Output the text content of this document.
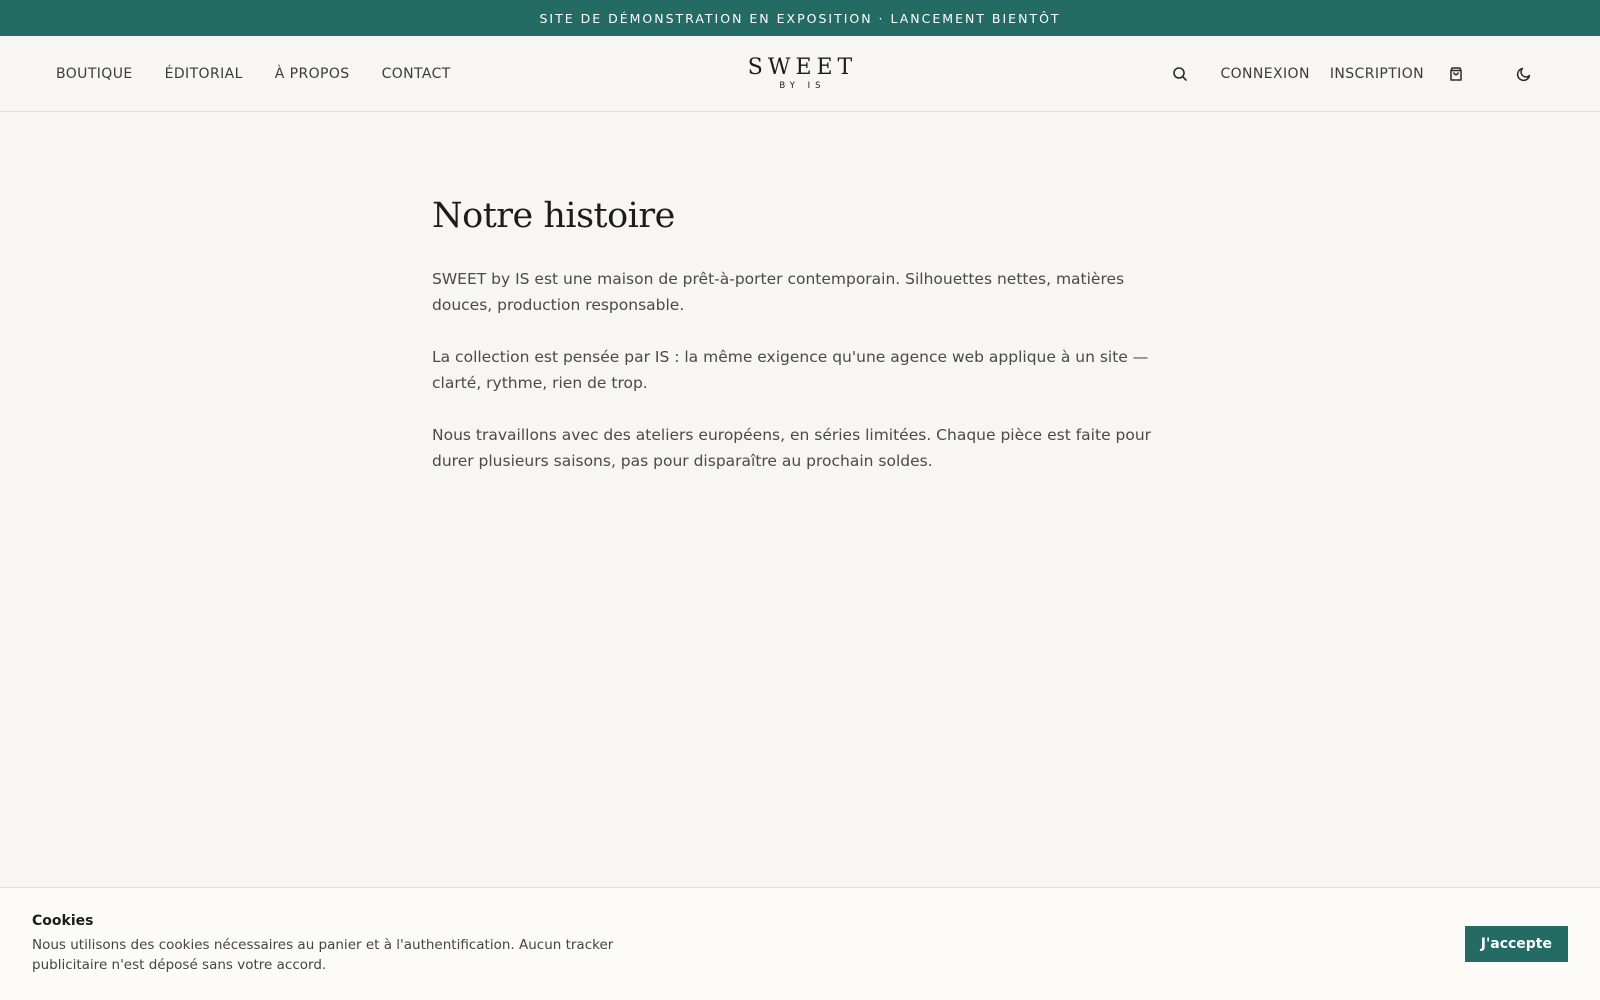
SITE DE DÉMONSTRATION EN EXPOSITION · LANCEMENT BIENTÔT
BOUTIQUE ÉDITORIAL À PROPOS CONTACT	SWEET
BY IS
CONNEXION INSCRIPTION
Notre histoire

SWEET by IS est une maison de prêt-à-porter contemporain. Silhouettes nettes, matières douces, production responsable.

La collection est pensée par IS : la même exigence qu'une agence web applique à un site — clarté, rythme, rien de trop.

Nous travaillons avec des ateliers européens, en séries limitées. Chaque pièce est faite pour durer plusieurs saisons, pas pour disparaître au prochain soldes.

Cookies
Nous utilisons des cookies nécessaires au panier et à l'authentification. Aucun tracker publicitaire n'est déposé sans votre accord.
J'accepte
